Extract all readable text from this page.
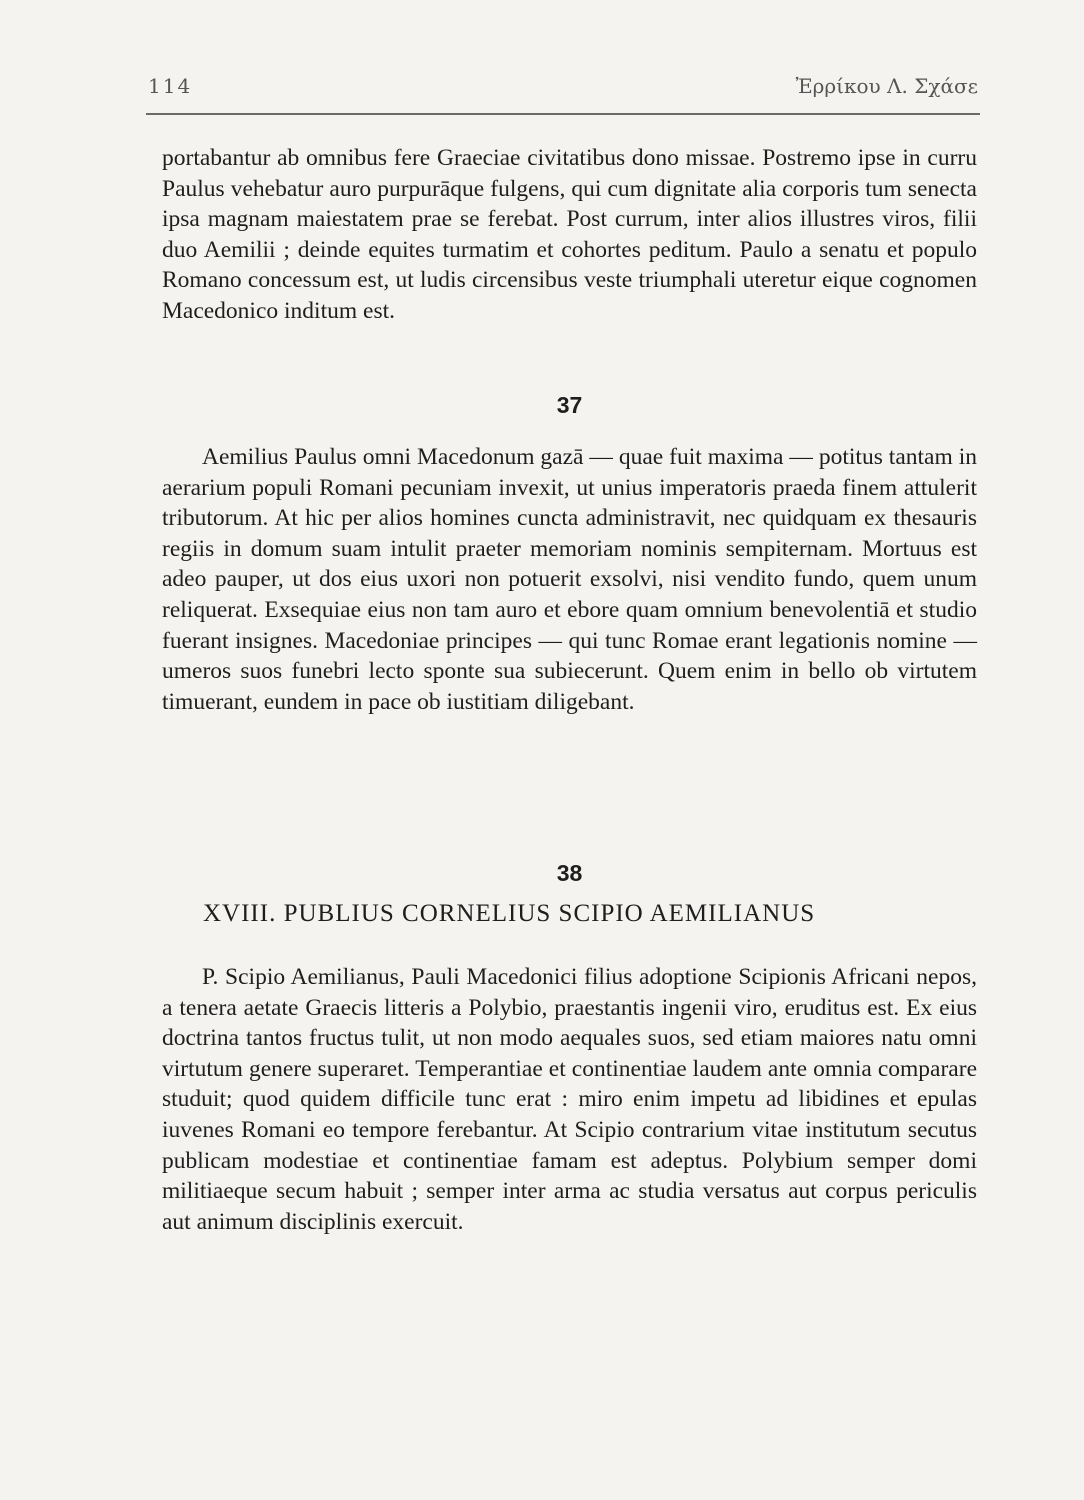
114	Ἐρρίκου Λ. Σχάσε

portabantur ab omnibus fere Graeciae civitatibus dono missae. Postremo ipse in curru Paulus vehebatur auro purpurāque fulgens, qui cum dignitate alia corporis tum senecta ipsa magnam maiestatem prae se ferebat. Post currum, inter alios illustres viros, filii duo Aemilii ; deinde equites turmatim et cohortes peditum. Paulo a senatu et populo Romano concessum est, ut ludis circensibus veste triumphali uteretur eique cognomen Macedonico inditum est.

37

Aemilius Paulus omni Macedonum gazā — quae fuit maxima — potitus tantam in aerarium populi Romani pecuniam invexit, ut unius imperatoris praeda finem attulerit tributorum. At hic per alios homines cuncta administravit, nec quidquam ex thesauris regiis in domum suam intulit praeter memoriam nominis sempiternam. Mortuus est adeo pauper, ut dos eius uxori non potuerit exsolvi, nisi vendito fundo, quem unum reliquerat. Exsequiae eius non tam auro et ebore quam omnium benevolentiā et studio fuerant insignes. Macedoniae principes — qui tunc Romae erant legationis nomine — umeros suos funebri lecto sponte sua subiecerunt. Quem enim in bello ob virtutem timuerant, eundem in pace ob iustitiam diligebant.

38
XVIII. PUBLIUS CORNELIUS SCIPIO AEMILIANUS

P. Scipio Aemilianus, Pauli Macedonici filius adoptione Scipionis Africani nepos, a tenera aetate Graecis litteris a Polybio, praestantis ingenii viro, eruditus est. Ex eius doctrina tantos fructus tulit, ut non modo aequales suos, sed etiam maiores natu omni virtutum genere superaret. Temperantiae et continentiae laudem ante omnia comparare studuit; quod quidem difficile tunc erat : miro enim impetu ad libidines et epulas iuvenes Romani eo tempore ferebantur. At Scipio contrarium vitae institutum secutus publicam modestiae et continentiae famam est adeptus. Polybium semper domi militiaeque secum habuit ; semper inter arma ac studia versatus aut corpus periculis aut animum disciplinis exercuit.
